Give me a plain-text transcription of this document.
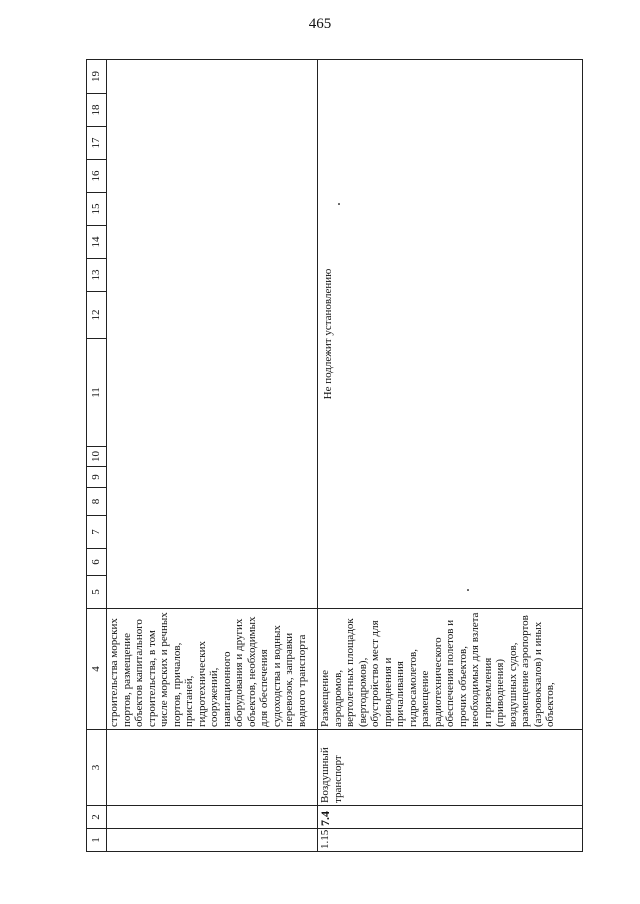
465
1	2	3	4	5	6	7	8	9	10	11	12	13	14	15	16	17	18	19
			строительства морских портов, размещение объектов капитального строительства, в том числе морских и речных портов, причалов, пристаней, гидротехнических сооружений, навигационного оборудования и других объектов, необходимых для обеспечения судоходства и водных перевозок, заправки водного транспорта															
1.15	7.4	Воздушный транспорт	Размещение аэродромов, вертолетных площадок (вертодромов), обустройство мест для приводнения и причаливания гидросамолетов, размещение радиотехнического обеспечения полетов и прочих объектов, необходимых для взлета и приземления (приводнения) воздушных судов, размещение аэропортов (аэровокзалов) и иных объектов,	Не подлежит установлению														
